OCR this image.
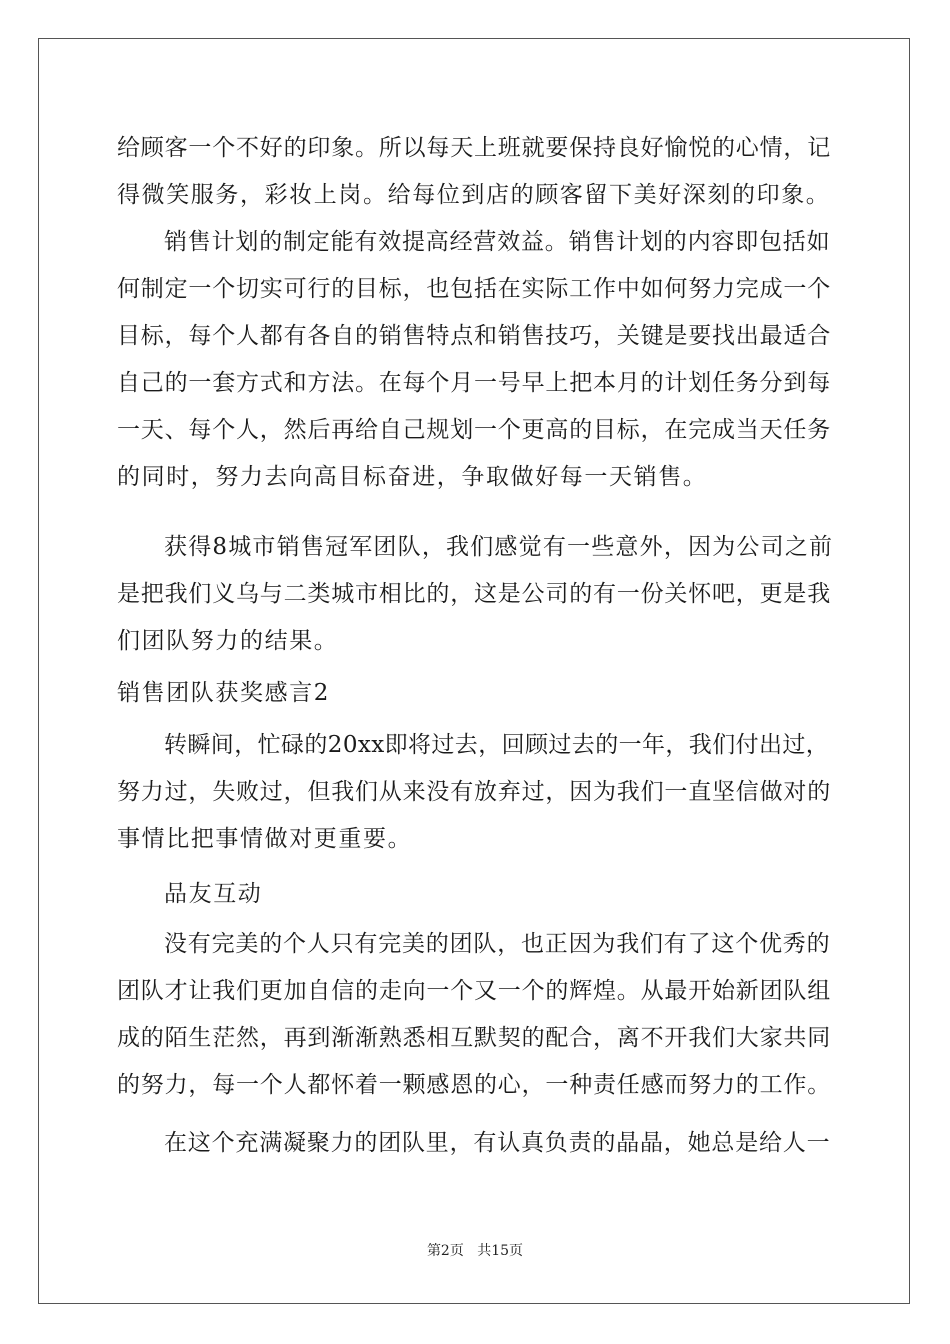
给顾客一个不好的印象。所以每天上班就要保持良好愉悦的心情，记
得微笑服务，彩妆上岗。给每位到店的顾客留下美好深刻的印象。
销售计划的制定能有效提高经营效益。销售计划的内容即包括如
何制定一个切实可行的目标，也包括在实际工作中如何努力完成一个
目标，每个人都有各自的销售特点和销售技巧，关键是要找出最适合
自己的一套方式和方法。在每个月一号早上把本月的计划任务分到每
一天、每个人，然后再给自己规划一个更高的目标，在完成当天任务
的同时，努力去向高目标奋进，争取做好每一天销售。
获得8城市销售冠军团队，我们感觉有一些意外，因为公司之前
是把我们义乌与二类城市相比的，这是公司的有一份关怀吧，更是我
们团队努力的结果。
销售团队获奖感言2
转瞬间，忙碌的20xx即将过去，回顾过去的一年，我们付出过，
努力过，失败过，但我们从来没有放弃过，因为我们一直坚信做对的
事情比把事情做对更重要。
品友互动
没有完美的个人只有完美的团队，也正因为我们有了这个优秀的
团队才让我们更加自信的走向一个又一个的辉煌。从最开始新团队组
成的陌生茫然，再到渐渐熟悉相互默契的配合，离不开我们大家共同
的努力，每一个人都怀着一颗感恩的心，一种责任感而努力的工作。
在这个充满凝聚力的团队里，有认真负责的晶晶，她总是给人一
第2页 共15页
